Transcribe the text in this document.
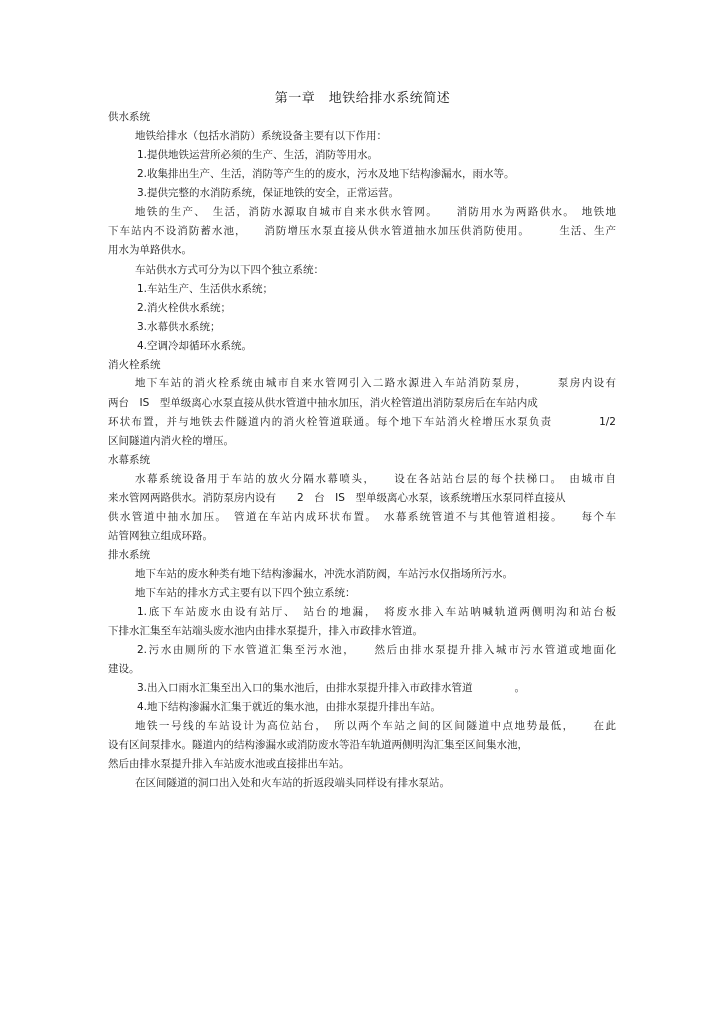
第一章　地铁给排水系统简述
供水系统
地铁给排水（包括水消防）系统设备主要有以下作用：
1.提供地铁运营所必须的生产、生活，消防等用水。
2.收集排出生产、生活，消防等产生的的废水，污水及地下结构渗漏水，雨水等。
3.提供完整的水消防系统，保证地铁的安全，正常运营。
地铁的生产、　生活，消防水源取自城市自来水供水管网。　　消防用水为两路供水。　地铁地
下车站内不设消防蓄水池，　　消防增压水泵直接从供水管道抽水加压供消防使用。　　　生活、生产
用水为单路供水。
车站供水方式可分为以下四个独立系统：
1.车站生产、生活供水系统；
2.消火栓供水系统；
3.水幕供水系统；
4.空调冷却循环水系统。
消火栓系统
地下车站的消火栓系统由城市自来水管网引入二路水源进入车站消防泵房，　　　泵房内设有
两台　IS　型单级离心水泵直接从供水管道中抽水加压，消火栓管道出消防泵房后在车站内成
环状布置，并与地铁去件隧道内的消火栓管道联通。每个地下车站消火栓增压水泵负责　　　　1/2
区间隧道内消火栓的增压。
水幕系统
水幕系统设备用于车站的放火分隔水幕喷头，　　设在各站站台层的每个扶梯口。　由城市自
来水管网两路供水。消防泵房内设有　　2　台　IS　型单级离心水泵，该系统增压水泵同样直接从
供水管道中抽水加压。　管道在车站内成环状布置。　水幕系统管道不与其他管道相接。　　每个车
站管网独立组成环路。
排水系统
地下车站的废水种类有地下结构渗漏水，冲洗水消防阀，车站污水仅指场所污水。
地下车站的排水方式主要有以下四个独立系统：
1.底下车站废水由设有站厅、　站台的地漏，　将废水排入车站呐喊轨道两侧明沟和站台板
下排水汇集至车站端头废水池内由排水泵提升，排入市政排水管道。
2.污水由厕所的下水管道汇集至污水池，　　然后由排水泵提升排入城市污水管道或地面化
建设。
3.出入口雨水汇集至出入口的集水池后，由排水泵提升排入市政排水管道　　　　。
4.地下结构渗漏水汇集于就近的集水池，由排水泵提升排出车站。
地铁一号线的车站设计为高位站台，　所以两个车站之间的区间隧道中点地势最低，　　在此
设有区间泵排水。隧道内的结构渗漏水或消防废水等沿车轨道两侧明沟汇集至区间集水池，
然后由排水泵提升排入车站废水池或直接排出车站。
在区间隧道的洞口出入处和火车站的折返段端头同样设有排水泵站。
